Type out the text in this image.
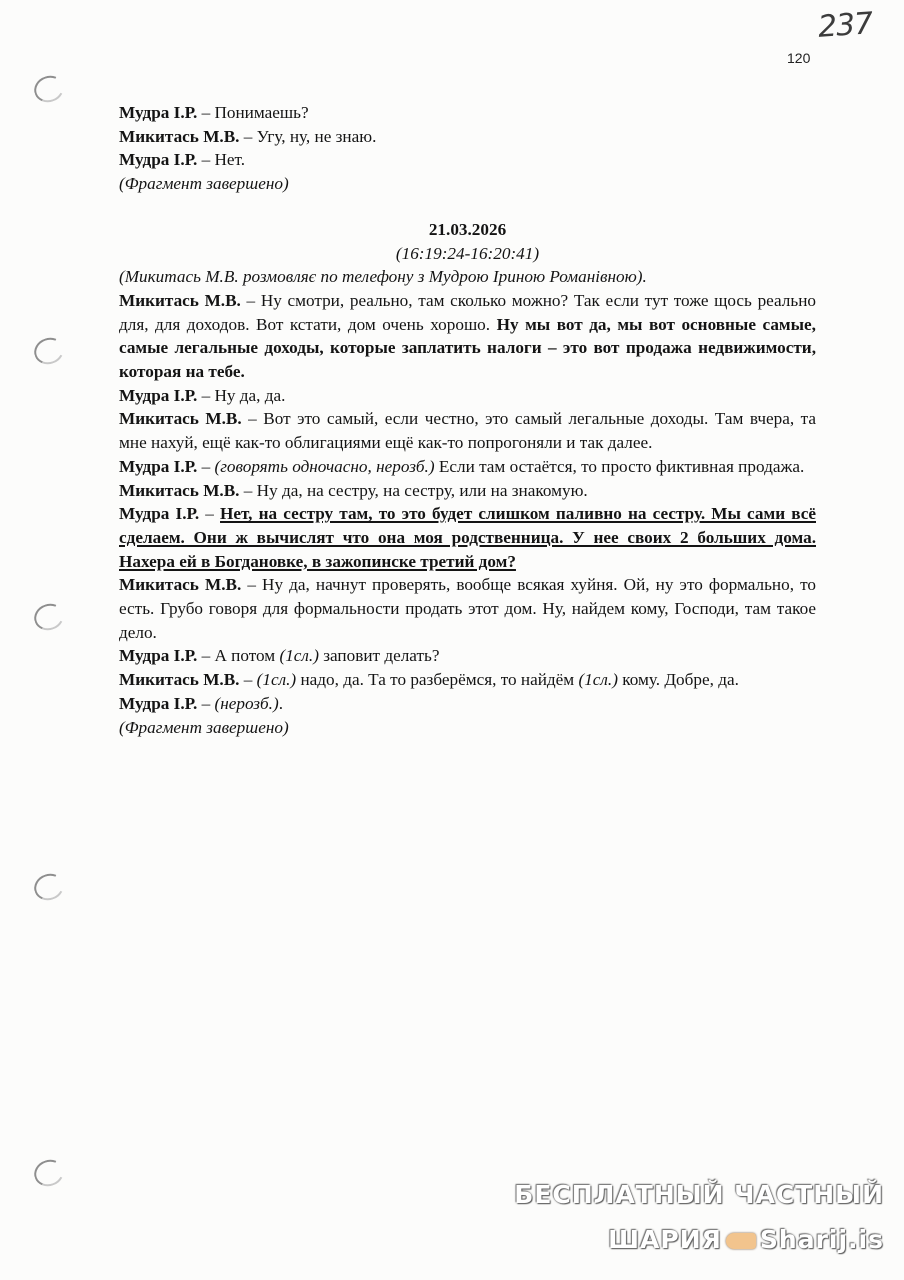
237
120

Мудра І.Р. – Понимаешь?

Микитась М.В. – Угу, ну, не знаю.

Мудра І.Р. – Нет.

(Фрагмент завершено)

21.03.2026

(16:19:24-16:20:41)

(Микитась М.В. розмовляє по телефону з Мудрою Іриною Романівною).

Микитась М.В. – Ну смотри, реально, там сколько можно? Так если тут тоже щось реально для, для доходов. Вот кстати, дом очень хорошо. Ну мы вот да, мы вот основные самые, самые легальные доходы, которые заплатить налоги – это вот продажа недвижимости, которая на тебе.

Мудра І.Р. – Ну да, да.

Микитась М.В. – Вот это самый, если честно, это самый легальные доходы. Там вчера, та мне нахуй, ещё как-то облигациями ещё как-то попрогоняли и так далее.

Мудра І.Р. – (говорять одночасно, нерозб.) Если там остаётся, то просто фиктивная продажа.

Микитась М.В. – Ну да, на сестру, на сестру, или на знакомую.

Мудра І.Р. – Нет, на сестру там, то это будет слишком паливно на сестру. Мы сами всё сделаем. Они ж вычислят что она моя родственница. У нее своих 2 больших дома. Нахера ей в Богдановке, в зажопинске третий дом?

Микитась М.В. – Ну да, начнут проверять, вообще всякая хуйня. Ой, ну это формально, то есть. Грубо говоря для формальности продать этот дом. Ну, найдем кому, Господи, там такое дело.

Мудра І.Р. – А потом (1сл.) заповит делать?

Микитась М.В. – (1сл.) надо, да. Та то разберёмся, то найдём (1сл.) кому. Добре, да.

Мудра І.Р. – (нерозб.).

(Фрагмент завершено)

БЕСПЛАТНЫЙ ЧАСТНЫЙ
ШАРИЯ Sharij.is
